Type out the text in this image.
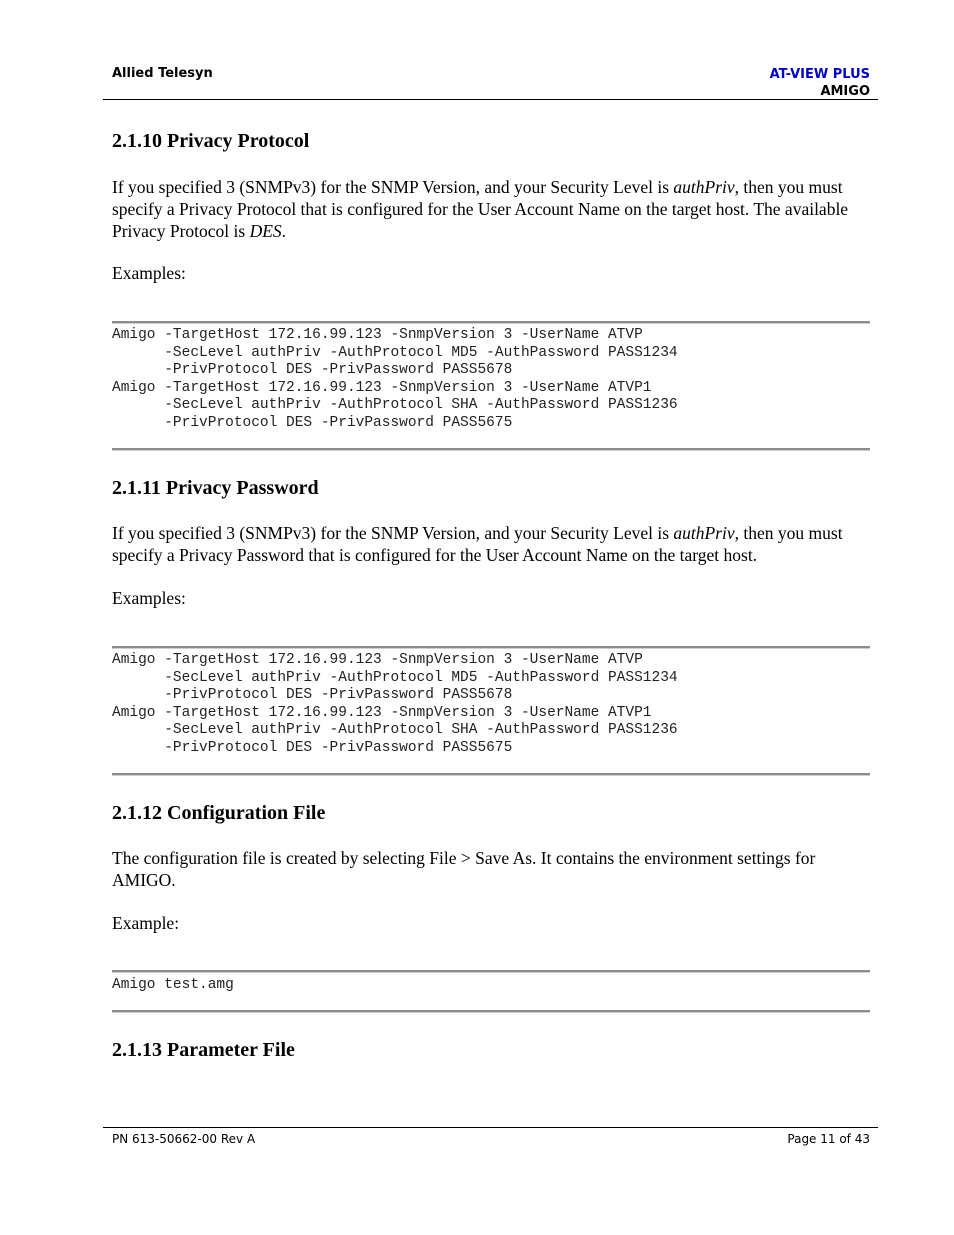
Allied Telesyn	AT-VIEW PLUS
AMIGO
2.1.10 Privacy Protocol
If you specified 3 (SNMPv3) for the SNMP Version, and your Security Level is authPriv, then you must specify a Privacy Protocol that is configured for the User Account Name on the target host. The available Privacy Protocol is DES.
Examples:
Amigo -TargetHost 172.16.99.123 -SnmpVersion 3 -UserName ATVP
-SecLevel authPriv -AuthProtocol MD5 -AuthPassword PASS1234
-PrivProtocol DES -PrivPassword PASS5678
Amigo -TargetHost 172.16.99.123 -SnmpVersion 3 -UserName ATVP1
-SecLevel authPriv -AuthProtocol SHA -AuthPassword PASS1236
-PrivProtocol DES -PrivPassword PASS5675
2.1.11 Privacy Password
If you specified 3 (SNMPv3) for the SNMP Version, and your Security Level is authPriv, then you must specify a Privacy Password that is configured for the User Account Name on the target host.
Examples:
Amigo -TargetHost 172.16.99.123 -SnmpVersion 3 -UserName ATVP
-SecLevel authPriv -AuthProtocol MD5 -AuthPassword PASS1234
-PrivProtocol DES -PrivPassword PASS5678
Amigo -TargetHost 172.16.99.123 -SnmpVersion 3 -UserName ATVP1
-SecLevel authPriv -AuthProtocol SHA -AuthPassword PASS1236
-PrivProtocol DES -PrivPassword PASS5675
2.1.12 Configuration File
The configuration file is created by selecting File > Save As. It contains the environment settings for AMIGO.
Example:
Amigo test.amg
2.1.13 Parameter File
PN 613-50662-00 Rev A	Page 11 of 43
